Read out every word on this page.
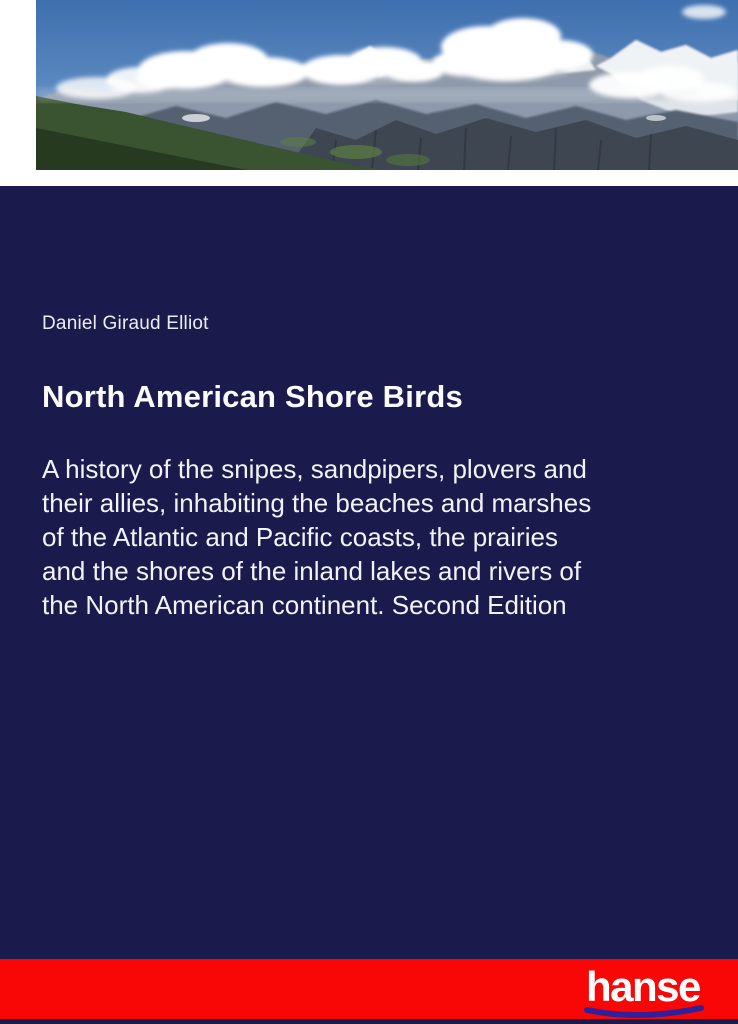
Daniel Giraud Elliot
North American Shore Birds
A history of the snipes, sandpipers, plovers and
their allies, inhabiting the beaches and marshes
of the Atlantic and Pacific coasts, the prairies
and the shores of the inland lakes and rivers of
the North American continent. Second Edition
hanse
